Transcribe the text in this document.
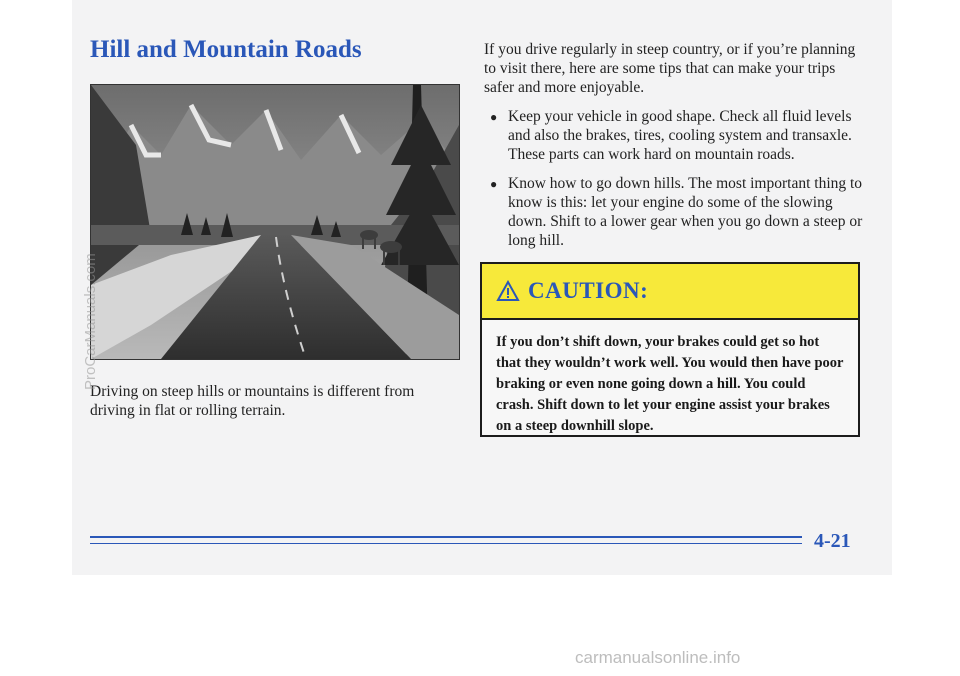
Hill and Mountain Roads
Driving on steep hills or mountains is different from driving in flat or rolling terrain.

If you drive regularly in steep country, or if you’re planning to visit there, here are some tips that can make your trips safer and more enjoyable.

● Keep your vehicle in good shape. Check all fluid levels and also the brakes, tires, cooling system and transaxle. These parts can work hard on mountain roads.
● Know how to go down hills. The most important thing to know is this: let your engine do some of the slowing down. Shift to a lower gear when you go down a steep or long hill.
CAUTION:
If you don’t shift down, your brakes could get so hot that they wouldn’t work well. You would then have poor braking or even none going down a hill. You could crash. Shift down to let your engine assist your brakes on a steep downhill slope.
4-21
ProCarManuals.com
carmanualsonline.info
